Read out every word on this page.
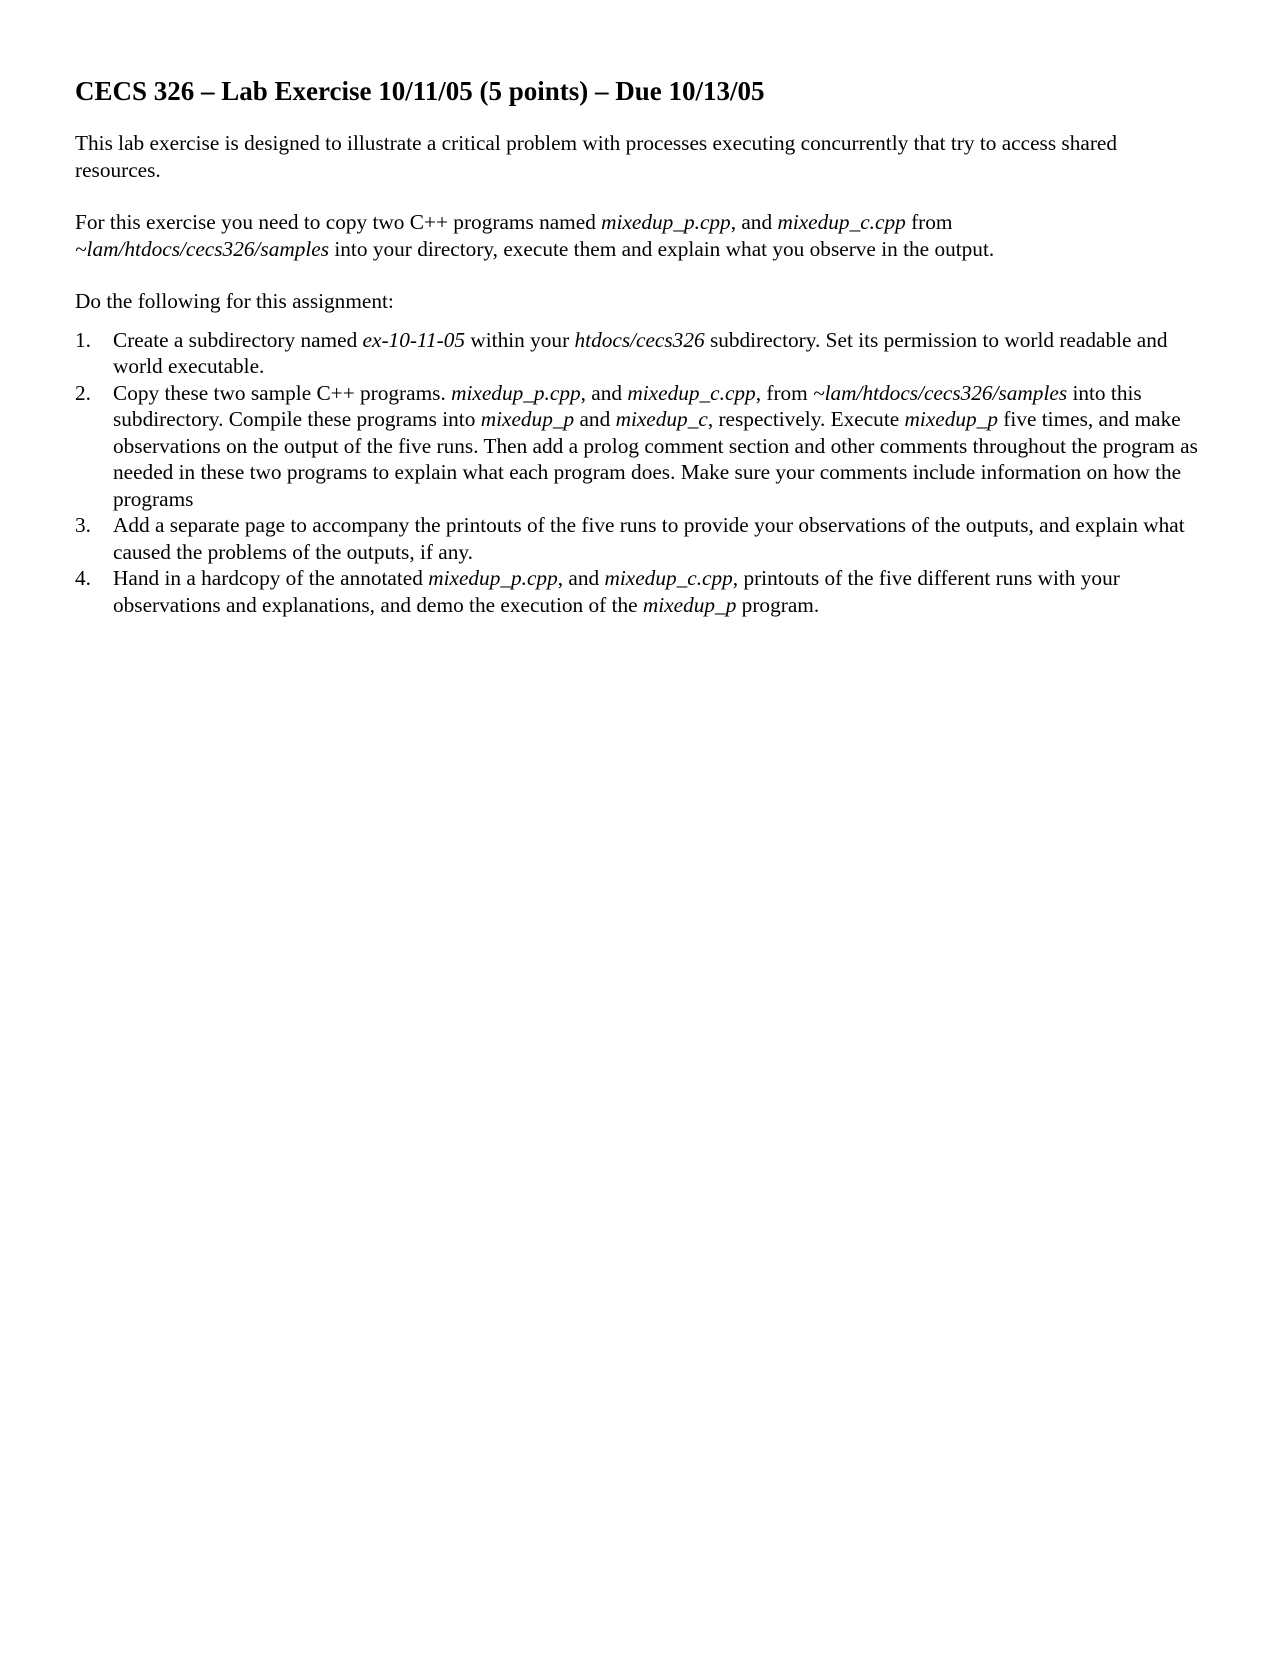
CECS 326 – Lab Exercise 10/11/05 (5 points) – Due 10/13/05

This lab exercise is designed to illustrate a critical problem with processes executing concurrently that try to access shared resources.

For this exercise you need to copy two C++ programs named mixedup_p.cpp, and mixedup_c.cpp from ~lam/htdocs/cecs326/samples into your directory, execute them and explain what you observe in the output.

Do the following for this assignment:

1. Create a subdirectory named ex-10-11-05 within your htdocs/cecs326 subdirectory. Set its permission to world readable and world executable.
2. Copy these two sample C++ programs. mixedup_p.cpp, and mixedup_c.cpp, from ~lam/htdocs/cecs326/samples into this subdirectory. Compile these programs into mixedup_p and mixedup_c, respectively. Execute mixedup_p five times, and make observations on the output of the five runs. Then add a prolog comment section and other comments throughout the program as needed in these two programs to explain what each program does. Make sure your comments include information on how the programs
3. Add a separate page to accompany the printouts of the five runs to provide your observations of the outputs, and explain what caused the problems of the outputs, if any.
4. Hand in a hardcopy of the annotated mixedup_p.cpp, and mixedup_c.cpp, printouts of the five different runs with your observations and explanations, and demo the execution of the mixedup_p program.
